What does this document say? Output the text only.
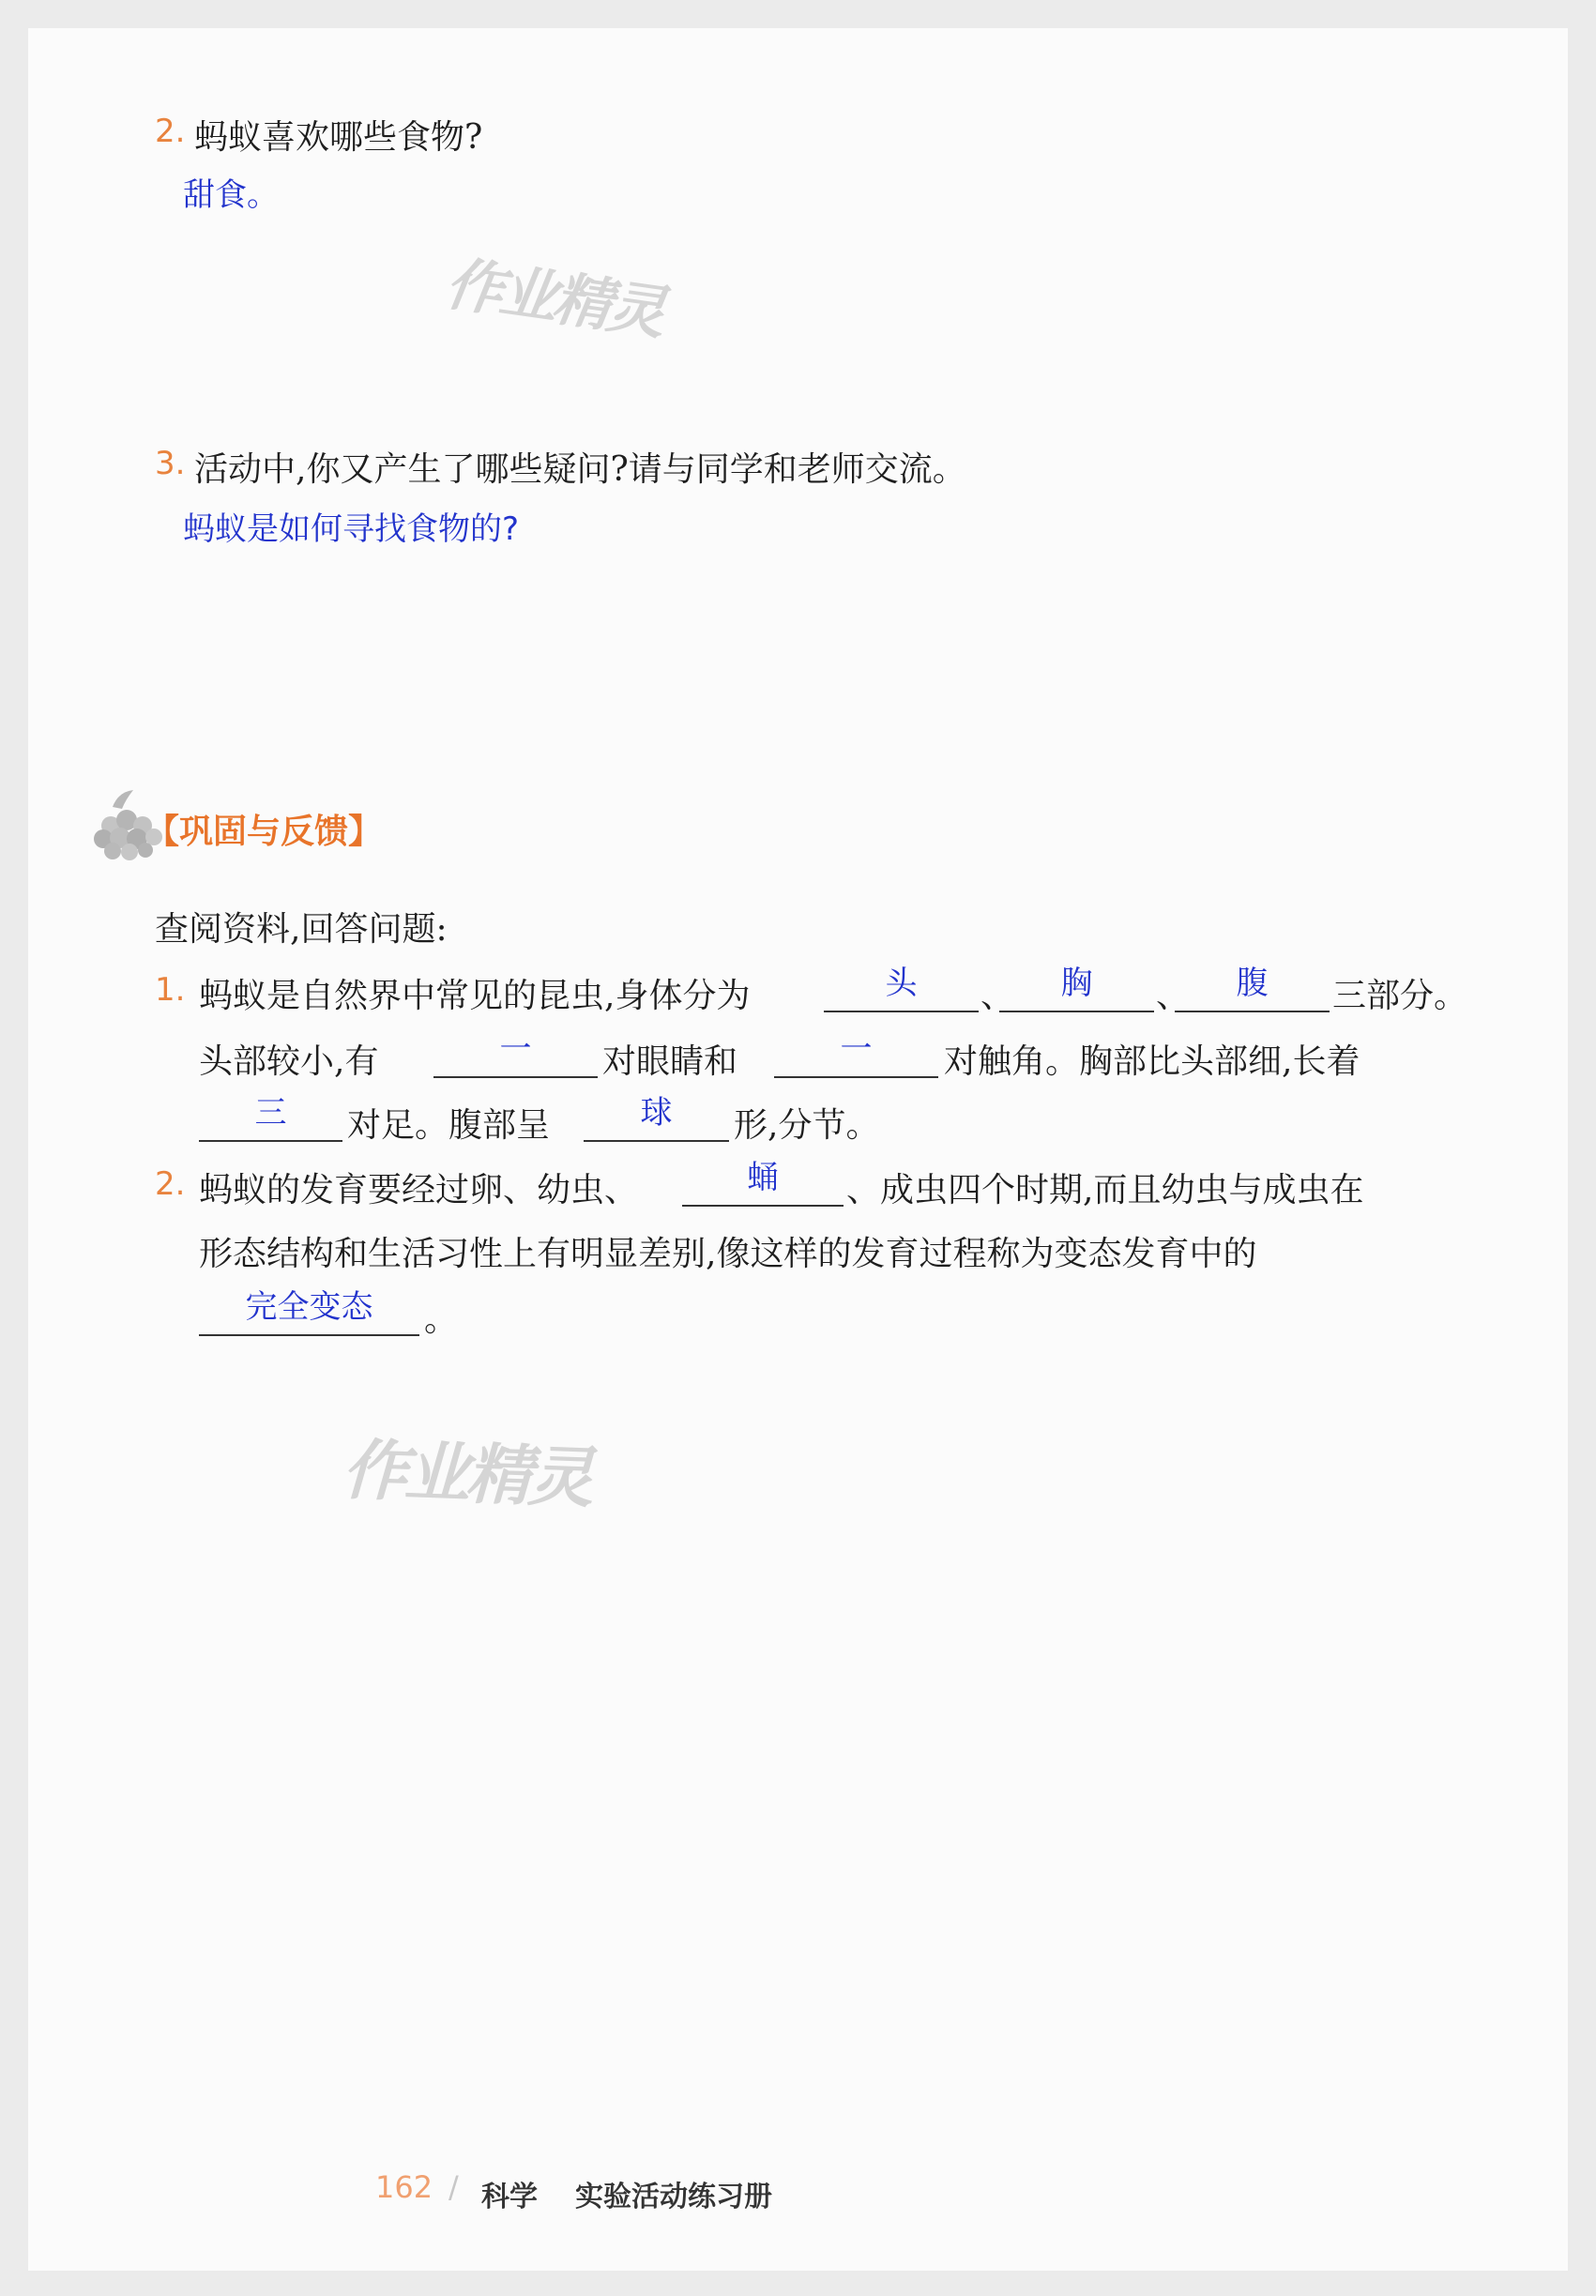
2. 蚂蚁喜欢哪些食物?
甜食。
作业精灵
3. 活动中,你又产生了哪些疑问?请与同学和老师交流。
蚂蚁是如何寻找食物的?
【巩固与反馈】
查阅资料,回答问题:
1. 蚂蚁是自然界中常见的昆虫,身体分为	头	、	胸	、	腹	三部分。
头部较小,有	一	对眼睛和	一	对触角。胸部比头部细,长着
三	对足。腹部呈	球	形,分节。
2. 蚂蚁的发育要经过卵、幼虫、	蛹	、成虫四个时期,而且幼虫与成虫在
形态结构和生活习性上有明显差别,像这样的发育过程称为变态发育中的
完全变态	。
作业精灵
162 / 科学 实验活动练习册
